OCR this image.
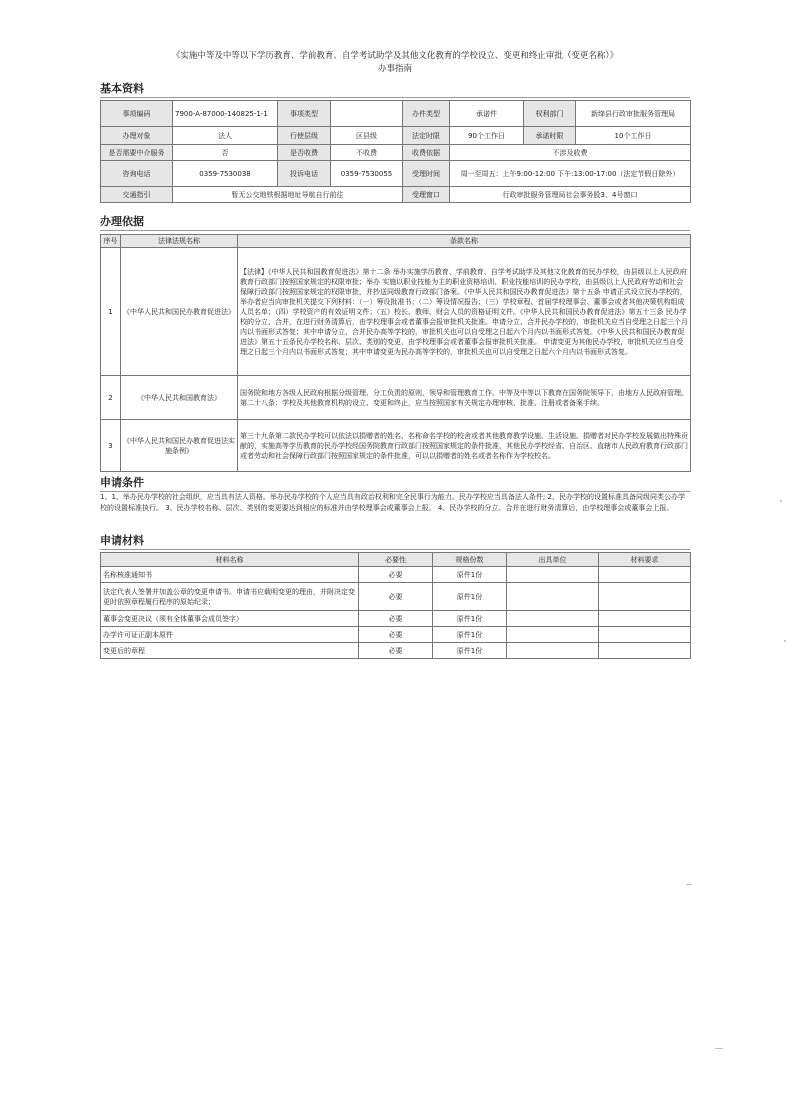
《实施中等及中等以下学历教育、学前教育、自学考试助学及其他文化教育的学校设立、变更和终止审批（变更名称）》
办事指南
基本资料
事项编码	7900-A-87000-140825-1-1	事项类型		办件类型	承诺件	权利部门	新绛县行政审批服务管理局
办理对象	法人	行使层级	区县级	法定时限	90个工作日	承诺时限	10个工作日
是否需要中介服务	否	是否收费	不收费	收费依据	不涉及收费		
咨询电话	0359-7530038	投诉电话	0359-7530055	受理时间	周一至周五：上午9:00-12:00 下午:13:00-17:00（法定节假日除外）		
交通指引	暂无公交地铁根据地址导航自行前往			受理窗口	行政审批服务管理局社会事务股3、4号窗口		
办理依据
序号	法律法规名称	条款名称
1	《中华人民共和国民办教育促进法》	【法律】《中华人民共和国教育促进法》第十二条 举办实施学历教育、学前教育、自学考试助学及其他文化教育的民办学校，由县级以上人民政府教育行政部门按照国家规定的权限审批；举办 实施以职业技能为主的职业资格培训、职业技能培训的民办学校，由县级以上人民政府劳动和社会保障行政部门按照国家规定的权限审批，并抄送同级教育行政部门备案。《中华人民共和国民办教育促进法》第十五条 申请正式设立民办学校的，举办者应当向审批机关提交下列材料：（一）筹设批准书；（二）筹设情况报告；（三）学校章程、首届学校理事会、董事会或者其他决策机构组成人员名单；（四）学校资产的有效证明文件；（五）校长、教师、财会人员的资格证明文件。《中华人民共和国民办教育促进法》第五十三条 民办学校的分立、合并，在进行财务清算后，由学校理事会或者董事会报审批机关批准。申请分立、合并民办学校的，审批机关应当自受理之日起三个月内以书面形式答复；其中申请分立、合并民办高等学校的，审批机关也可以自受理之日起六个月内以书面形式答复。《中华人民共和国民办教育促进法》第五十五条民办学校名称、层次、类别的变更，由学校理事会或者董事会报审批机关批准。 申请变更为其他民办学校，审批机关应当自受理之日起三个月内以书面形式答复；其中申请变更为民办高等学校的，审批机关也可以自受理之日起六个月内以书面形式答复。
2	《中华人民共和国教育法》	国务院和地方各级人民政府根据分级管理、分工负责的原则，领导和管理教育工作。中等及中等以下教育在国务院领导下，由地方人民政府管理。第二十八条：学校及其他教育机构的设立、变更和终止，应当按照国家有关规定办理审核、批准、注册或者备案手续。
3	《中华人民共和国民办教育促进法实施条例》	第三十九条第二款民办学校可以依法以捐赠者的姓名、名称命名学校的校舍或者其他教育教学设施、生活设施。捐赠者对民办学校发展做出特殊贡献的，实施高等学历教育的民办学校经国务院教育行政部门按照国家规定的条件批准，其他民办学校经省、自治区、直辖市人民政府教育行政部门或者劳动和社会保障行政部门按照国家规定的条件批准，可以以捐赠者的姓名或者名称作为学校校名。
申请条件
1、1、举办民办学校的社会组织，应当具有法人资格。举办民办学校的个人应当具有政治权利和完全民事行为能力。民办学校应当具备法人条件; 2、民办学校的设置标准具备同级同类公办学校的设置标准执行。 3、民办学校名称、层次、类别的变更要达到相应的标准并由学校理事会或董事会上报。 4、民办学校的分立、合并在进行财务清算后，由学校理事会或董事会上报。
申请材料
材料名称	必要性	规格份数	出具单位	材料要求
名称核准通知书	必要	原件1份		
法定代表人签署并加盖公章的变更申请书。申请书应载明变更的理由，并附决定变更时依照章程履行程序的原始纪录；	必要	原件1份		
董事会变更决议（须有全体董事会成员签字）	必要	原件1份		
办学许可证正副本原件	必要	原件1份		
变更后的章程	必要	原件1份		
